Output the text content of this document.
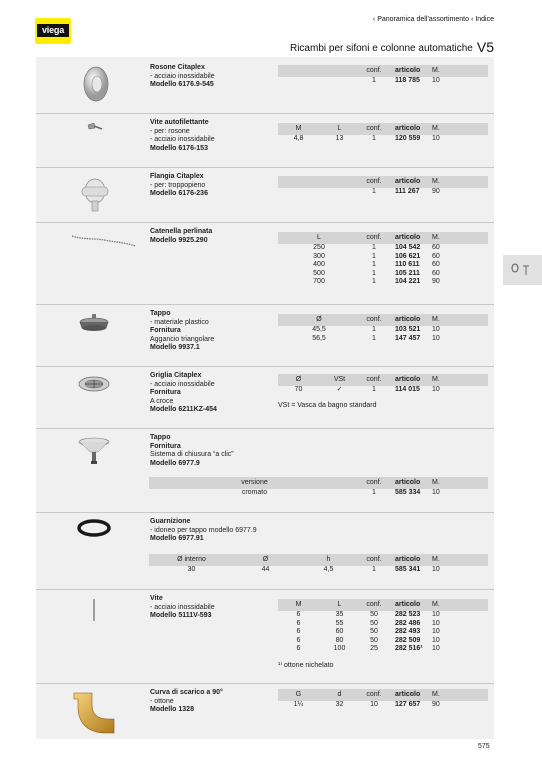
viega
‹ Panoramica dell’assortimento ‹ Indice
Ricambi per sifoni e colonne automatiche V5
Rosone Citaplex
- acciaio inossidabile
Modello 6176.9-545
	conf.	articolo	M.
	1	118 785	10
Vite autofilettante
- per: rosone
- acciaio inossidabile
Modello 6176-153
M	L	conf.	articolo	M.
4,8	13	1	120 559	10
Flangia Citaplex
- per: troppopieno
Modello 6176-236
	conf.	articolo	M.
	1	111 267	90
Catenella perlinata
Modello 9925.290	L	conf.	articolo	M.
250	1	104 542	60
300	1	106 621	60
400	1	110 611	60
500	1	105 211	60
700	1	104 221	90
Tappo
- materiale plastico
Fornitura
Aggancio triangolare
Modello 9937.1
Ø	conf.	articolo	M.
45,5	1	103 521	10
56,5	1	147 457	10
Griglia Citaplex
- acciaio inossidabile
Fornitura
A croce
Modello 6211KZ-454
Ø	VSt	conf.	articolo	M.
70	✓	1	114 015	10
VSt = Vasca da bagno standard
Tappo
Fornitura
Sistema di chiusura “a clic”
Modello 6977.9
versione	conf.	articolo	M.
cromato	1	585 334	10
Guarnizione
- idoneo per tappo modello 6977.9
Modello 6977.91
Ø interno	Ø	h	conf.	articolo	M.
30	44	4,5	1	585 341	10
Vite
- acciaio inossidabile
Modello 5111V-593
M	L	conf.	articolo	M.
6	35	50	282 523	10
6	55	50	282 486	10
6	60	50	282 493	10
6	80	50	282 509	10
6	100	25	282 516¹	10
¹⁾ ottone nichelato
Curva di scarico a 90°
- ottone
Modello 1328
G	d	conf.	articolo	M.
1¼	32	10	127 657	90
575
